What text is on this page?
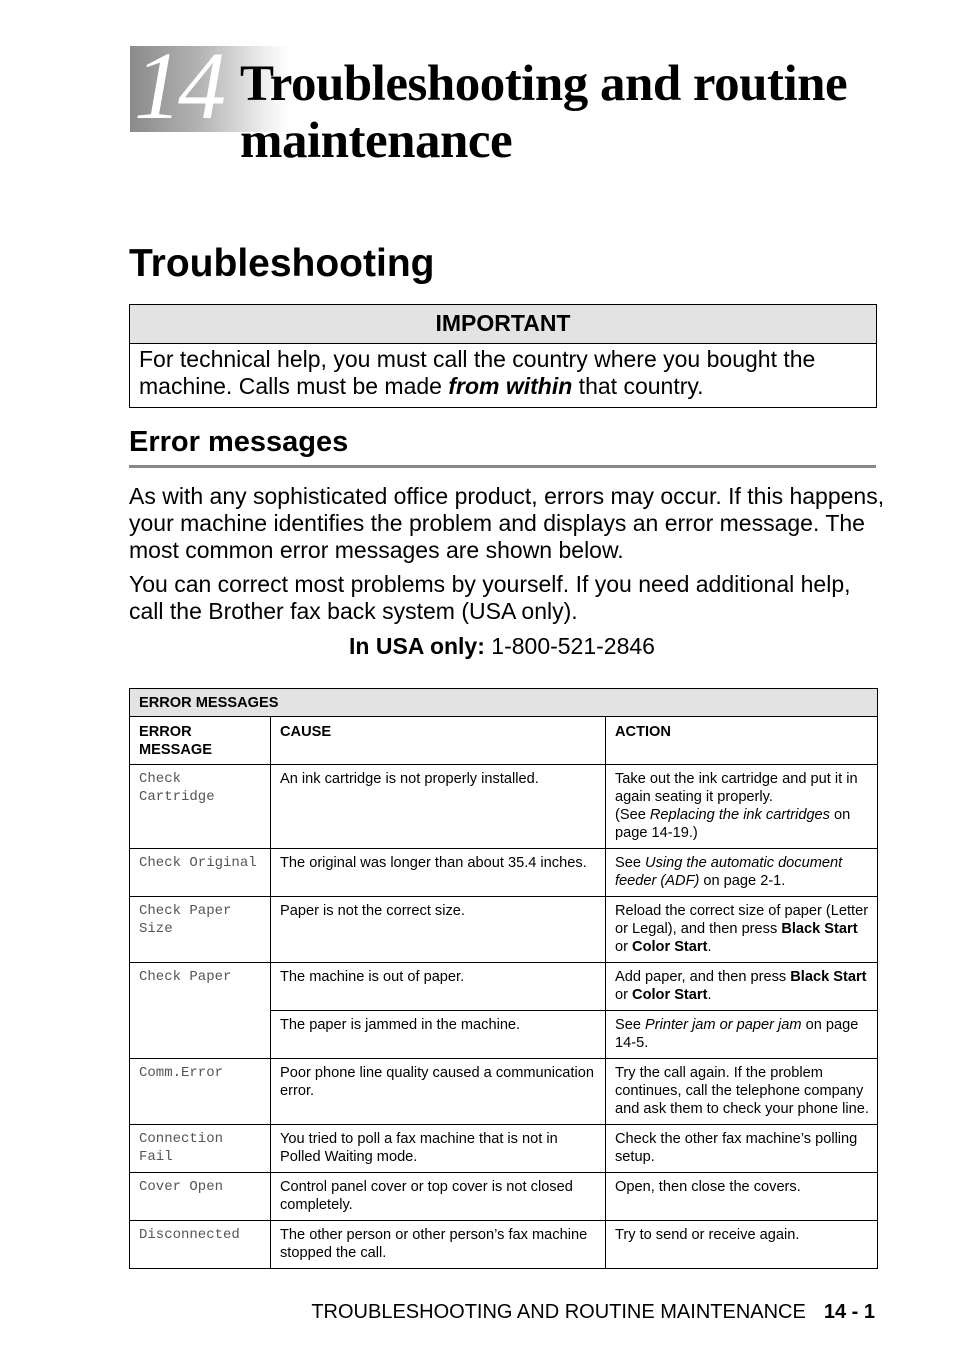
14 Troubleshooting and routine
maintenance
Troubleshooting
IMPORTANT
For technical help, you must call the country where you bought the machine. Calls must be made from within that country.
Error messages

As with any sophisticated office product, errors may occur. If this happens, your machine identifies the problem and displays an error message. The most common error messages are shown below.

You can correct most problems by yourself. If you need additional help, call the Brother fax back system (USA only).

In USA only: 1-800-521-2846
ERROR MESSAGES		
ERROR MESSAGE	CAUSE	ACTION
Check Cartridge	An ink cartridge is not properly installed.	Take out the ink cartridge and put it in again seating it properly.
(See Replacing the ink cartridges on page 14-19.)
Check Original	The original was longer than about 35.4 inches.	See Using the automatic document feeder (ADF) on page 2-1.
Check Paper Size	Paper is not the correct size.	Reload the correct size of paper (Letter or Legal), and then press Black Start or Color Start.
Check Paper	The machine is out of paper.	Add paper, and then press Black Start or Color Start.
	The paper is jammed in the machine.	See Printer jam or paper jam on page 14-5.
Comm.Error	Poor phone line quality caused a communication error.	Try the call again. If the problem continues, call the telephone company and ask them to check your phone line.
Connection Fail	You tried to poll a fax machine that is not in Polled Waiting mode.	Check the other fax machine’s polling setup.
Cover Open	Control panel cover or top cover is not closed completely.	Open, then close the covers.
Disconnected	The other person or other person’s fax machine stopped the call.	Try to send or receive again.
TROUBLESHOOTING AND ROUTINE MAINTENANCE 14 - 1
